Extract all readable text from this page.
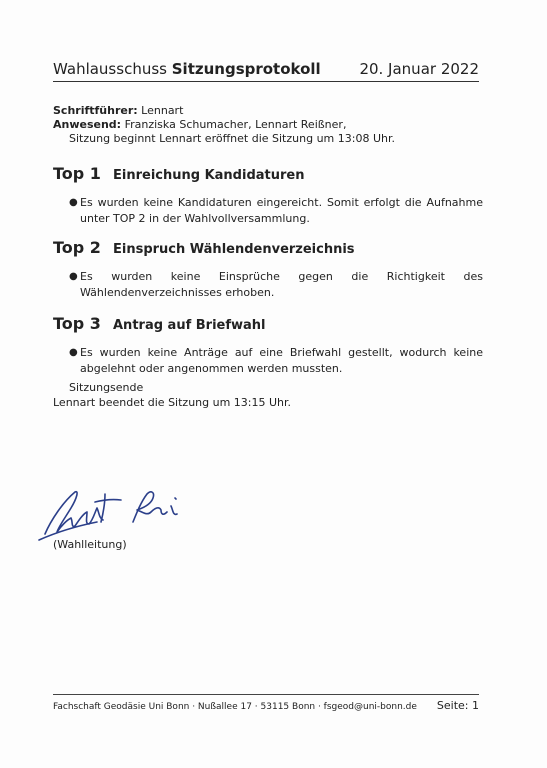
Wahlausschuss Sitzungsprotokoll	20. Januar 2022
Schriftführer: Lennart
Anwesend: Franziska Schumacher, Lennart Reißner,
Sitzung beginnt Lennart eröffnet die Sitzung um 13:08 Uhr.
Top 1 Einreichung Kandidaturen
● Es wurden keine Kandidaturen eingereicht. Somit erfolgt die Aufnahme unter TOP 2 in der Wahlvollversammlung.
Top 2 Einspruch Wählendenverzeichnis
● Es wurden keine Einsprüche gegen die Richtigkeit des Wählendenverzeichnisses erhoben.
Top 3 Antrag auf Briefwahl
● Es wurden keine Anträge auf eine Briefwahl gestellt, wodurch keine abgelehnt oder angenommen werden mussten.
Sitzungsende
Lennart beendet die Sitzung um 13:15 Uhr.
(Wahlleitung)
Fachschaft Geodäsie Uni Bonn · Nußallee 17 · 53115 Bonn · fsgeod@uni-bonn.de Seite: 1
